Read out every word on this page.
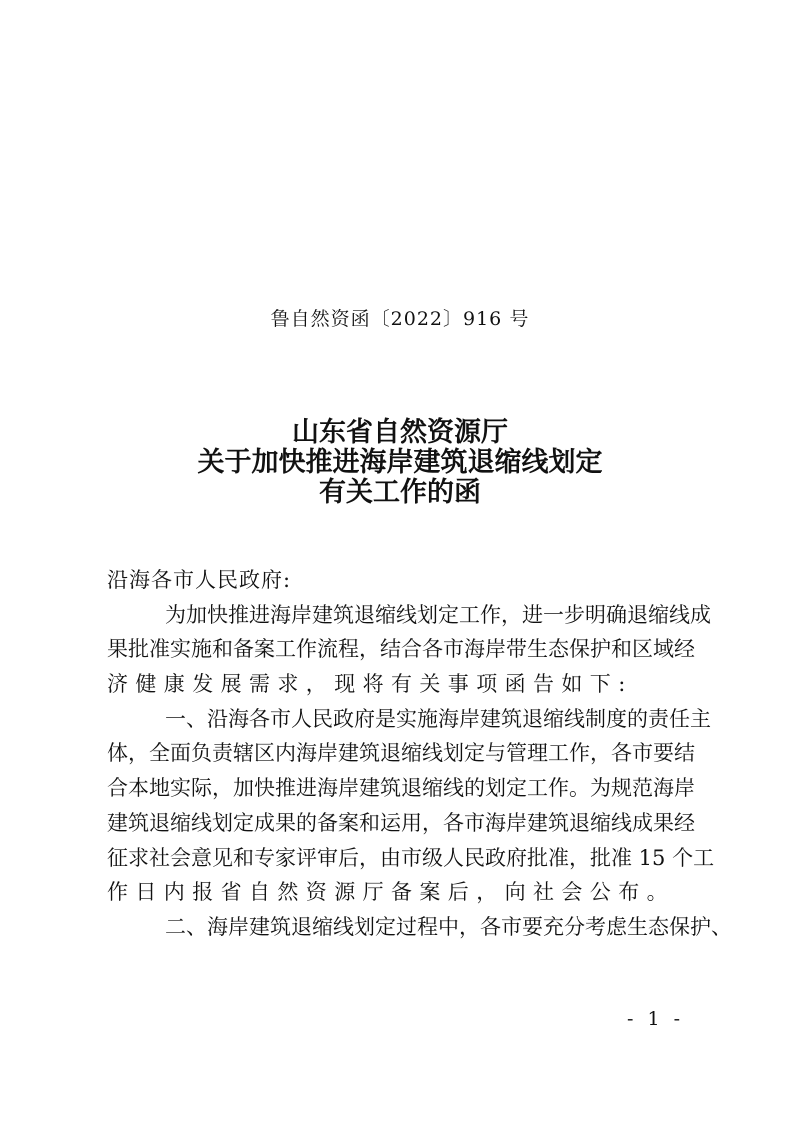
鲁自然资函〔2022〕916 号
山东省自然资源厅
关于加快推进海岸建筑退缩线划定
有关工作的函
沿海各市人民政府:
为加快推进海岸建筑退缩线划定工作，进一步明确退缩线成
果批准实施和备案工作流程，结合各市海岸带生态保护和区域经
济健康发展需求，现将有关事项函告如下:
一、沿海各市人民政府是实施海岸建筑退缩线制度的责任主
体，全面负责辖区内海岸建筑退缩线划定与管理工作，各市要结
合本地实际，加快推进海岸建筑退缩线的划定工作。为规范海岸
建筑退缩线划定成果的备案和运用，各市海岸建筑退缩线成果经
征求社会意见和专家评审后，由市级人民政府批准，批准 15 个工
作日内报省自然资源厅备案后，向社会公布。
二、海岸建筑退缩线划定过程中，各市要充分考虑生态保护、
- 1 -
